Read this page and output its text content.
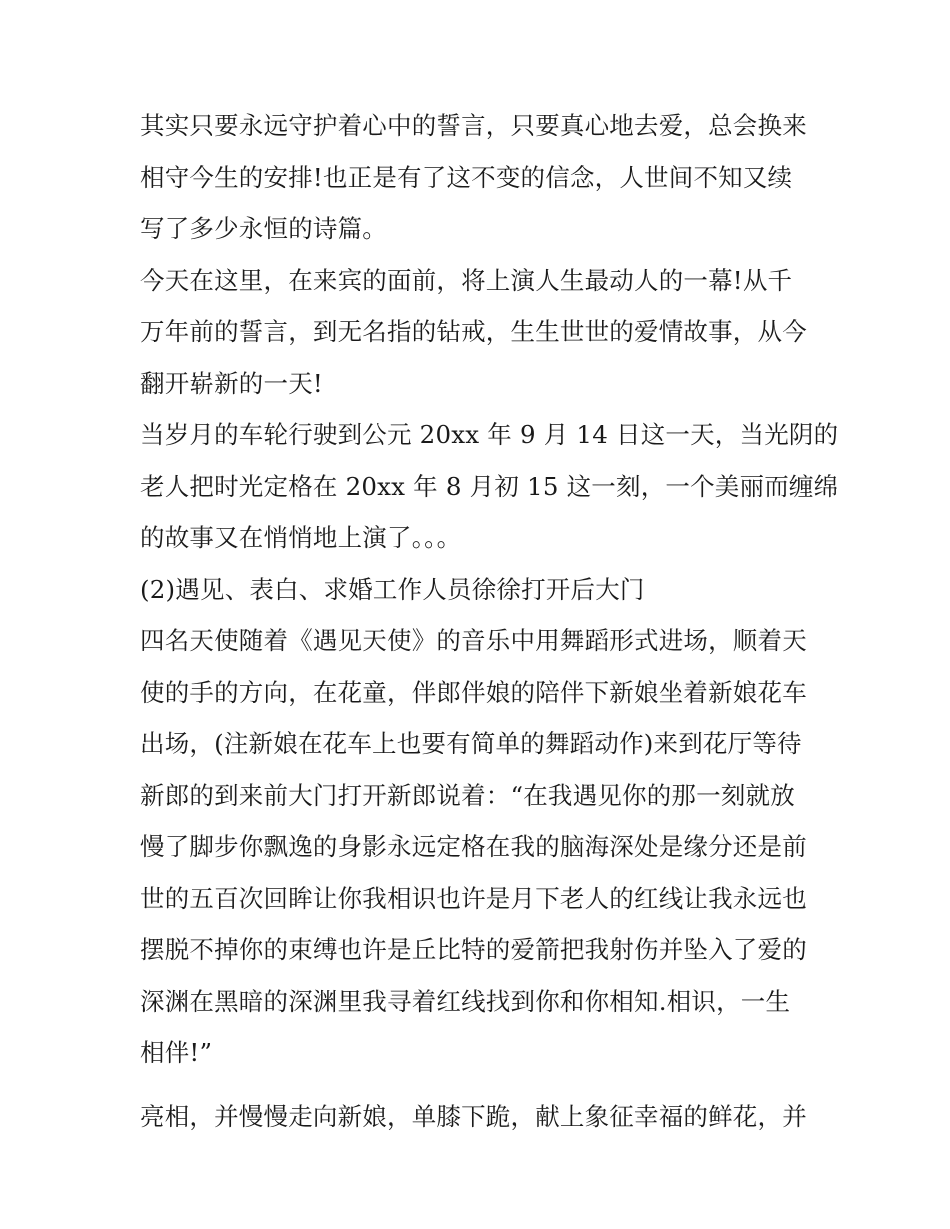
其实只要永远守护着心中的誓言，只要真心地去爱，总会换来
相守今生的安排!也正是有了这不变的信念，人世间不知又续
写了多少永恒的诗篇。
今天在这里，在来宾的面前，将上演人生最动人的一幕!从千
万年前的誓言，到无名指的钻戒，生生世世的爱情故事，从今
翻开崭新的一天!
当岁月的车轮行驶到公元 20xx 年 9 月 14 日这一天，当光阴的
老人把时光定格在 20xx 年 8 月初 15 这一刻，一个美丽而缠绵
的故事又在悄悄地上演了。。。
(2)遇见、表白、求婚工作人员徐徐打开后大门
四名天使随着《遇见天使》的音乐中用舞蹈形式进场，顺着天
使的手的方向，在花童，伴郎伴娘的陪伴下新娘坐着新娘花车
出场，(注新娘在花车上也要有简单的舞蹈动作)来到花厅等待
新郎的到来前大门打开新郎说着：“在我遇见你的那一刻就放
慢了脚步你飘逸的身影永远定格在我的脑海深处是缘分还是前
世的五百次回眸让你我相识也许是月下老人的红线让我永远也
摆脱不掉你的束缚也许是丘比特的爱箭把我射伤并坠入了爱的
深渊在黑暗的深渊里我寻着红线找到你和你相知.相识，一生
相伴!”
亮相，并慢慢走向新娘，单膝下跪，献上象征幸福的鲜花，并
